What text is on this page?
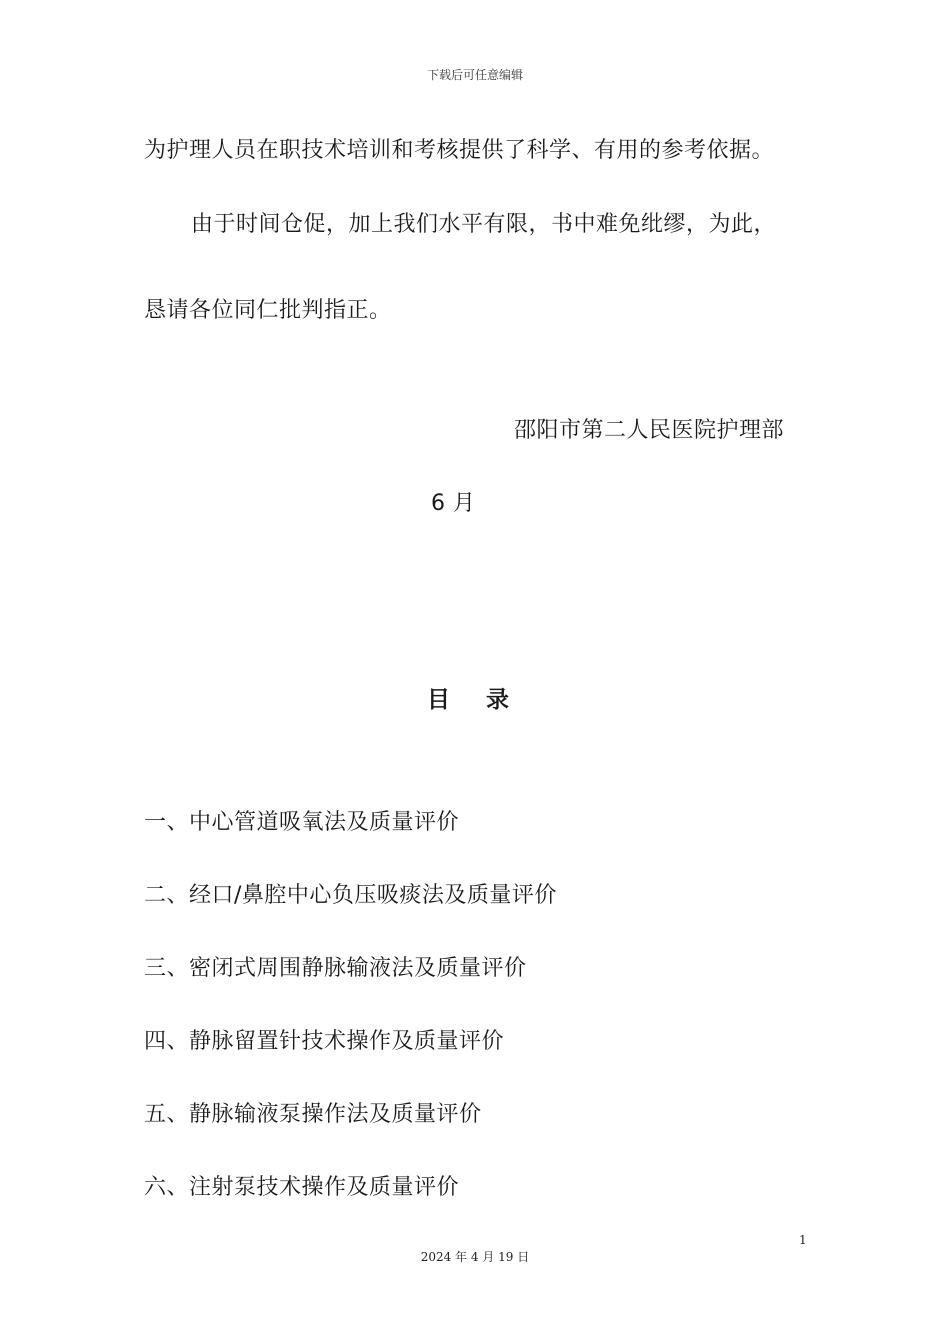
下载后可任意编辑
为护理人员在职技术培训和考核提供了科学、有用的参考依据。
由于时间仓促，加上我们水平有限，书中难免纰缪，为此，
恳请各位同仁批判指正。
邵阳市第二人民医院护理部
6 月
目 录
一、中心管道吸氧法及质量评价
二、经口/鼻腔中心负压吸痰法及质量评价
三、密闭式周围静脉输液法及质量评价
四、静脉留置针技术操作及质量评价
五、静脉输液泵操作法及质量评价
六、注射泵技术操作及质量评价
1
2024 年 4 月 19 日
